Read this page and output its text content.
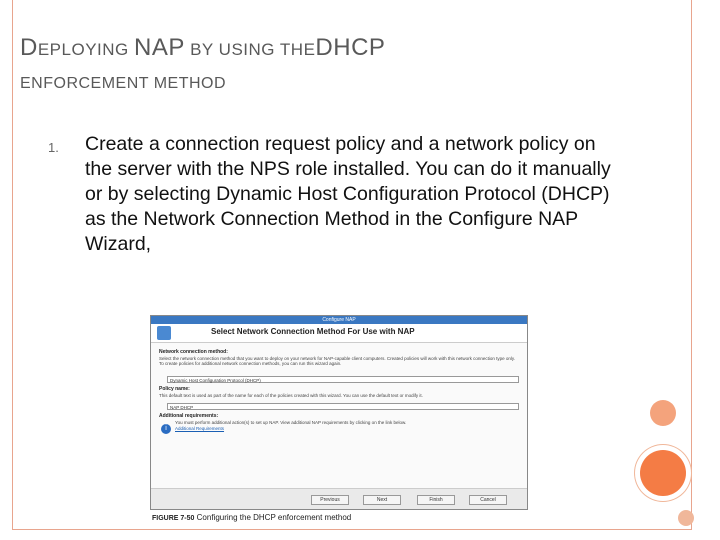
DEPLOYING NAP BY USING THEDHCP
ENFORCEMENT METHOD
1. Create a connection request policy and a network policy on the server with the NPS role installed. You can do it manually or by selecting Dynamic Host Configuration Protocol (DHCP) as the Network Connection Method in the Configure NAP Wizard,
Configure NAP
Select Network Connection Method For Use with NAP
Network connection method:
Select the network connection method that you want to deploy on your network for NAP-capable client computers. Created policies will work with this network connection type only. To create policies for additional network connection methods, you can run this wizard again.
Dynamic Host Configuration Protocol (DHCP)
Policy name:
This default text is used as part of the name for each of the policies created with this wizard. You can use the default text or modify it.
NAP DHCP
Additional requirements:
i
You must perform additional action(s) to set up NAP. View additional NAP requirements by clicking on the link below.
Additional Requirements
Previous	Next	Finish	Cancel
FIGURE 7-50 Configuring the DHCP enforcement method
